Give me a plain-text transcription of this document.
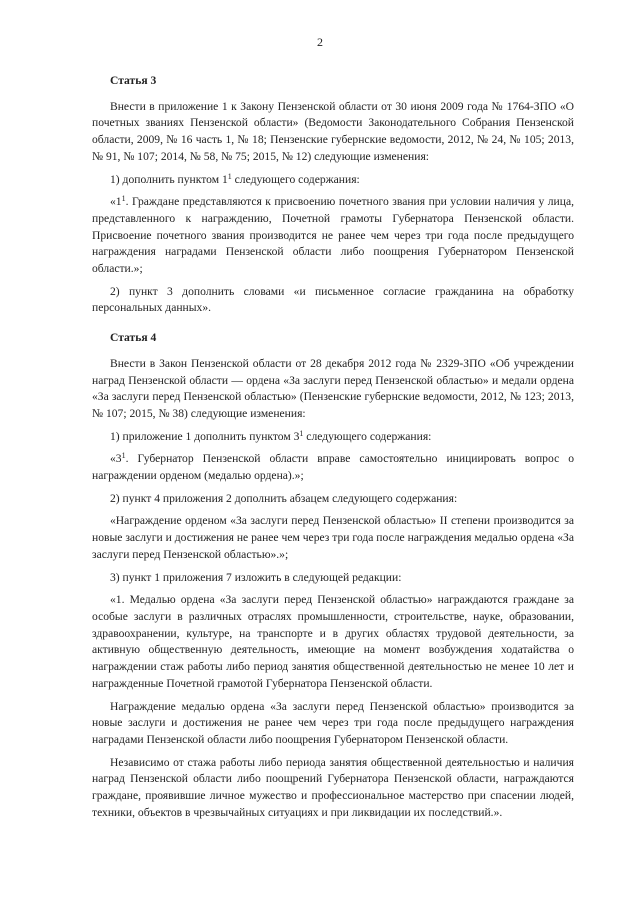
2

Статья 3

Внести в приложение 1 к Закону Пензенской области от 30 июня 2009 года № 1764-ЗПО «О почетных званиях Пензенской области» (Ведомости Законодательного Собрания Пензенской области, 2009, № 16 часть 1, № 18; Пензенские губернские ведомости, 2012, № 24, № 105; 2013, № 91, № 107; 2014, № 58, № 75; 2015, № 12) следующие изменения:

1) дополнить пунктом $1^1$ следующего содержания:

«$1^1$. Граждане представляются к присвоению почетного звания при условии наличия у лица, представленного к награждению, Почетной грамоты Губернатора Пензенской области. Присвоение почетного звания производится не ранее чем через три года после предыдущего награждения наградами Пензенской области либо поощрения Губернатором Пензенской области.»;

2) пункт 3 дополнить словами «и письменное согласие гражданина на обработку персональных данных».

Статья 4

Внести в Закон Пензенской области от 28 декабря 2012 года № 2329-ЗПО «Об учреждении наград Пензенской области — ордена «За заслуги перед Пензенской областью» и медали ордена «За заслуги перед Пензенской областью» (Пензенские губернские ведомости, 2012, № 123; 2013, № 107; 2015, № 38) следующие изменения:

1) приложение 1 дополнить пунктом $3^1$ следующего содержания:

«$3^1$. Губернатор Пензенской области вправе самостоятельно инициировать вопрос о награждении орденом (медалью ордена).»;

2) пункт 4 приложения 2 дополнить абзацем следующего содержания:

«Награждение орденом «За заслуги перед Пензенской областью» II степени производится за новые заслуги и достижения не ранее чем через три года после награждения медалью ордена «За заслуги перед Пензенской областью».»;

3) пункт 1 приложения 7 изложить в следующей редакции:

«1. Медалью ордена «За заслуги перед Пензенской областью» награждаются граждане за особые заслуги в различных отраслях промышленности, строительстве, науке, образовании, здравоохранении, культуре, на транспорте и в других областях трудовой деятельности, за активную общественную деятельность, имеющие на момент возбуждения ходатайства о награждении стаж работы либо период занятия общественной деятельностью не менее 10 лет и награжденные Почетной грамотой Губернатора Пензенской области.

Награждение медалью ордена «За заслуги перед Пензенской областью» производится за новые заслуги и достижения не ранее чем через три года после предыдущего награждения наградами Пензенской области либо поощрения Губернатором Пензенской области.

Независимо от стажа работы либо периода занятия общественной деятельностью и наличия наград Пензенской области либо поощрений Губернатора Пензенской области, награждаются граждане, проявившие личное мужество и профессиональное мастерство при спасении людей, техники, объектов в чрезвычайных ситуациях и при ликвидации их последствий.».
